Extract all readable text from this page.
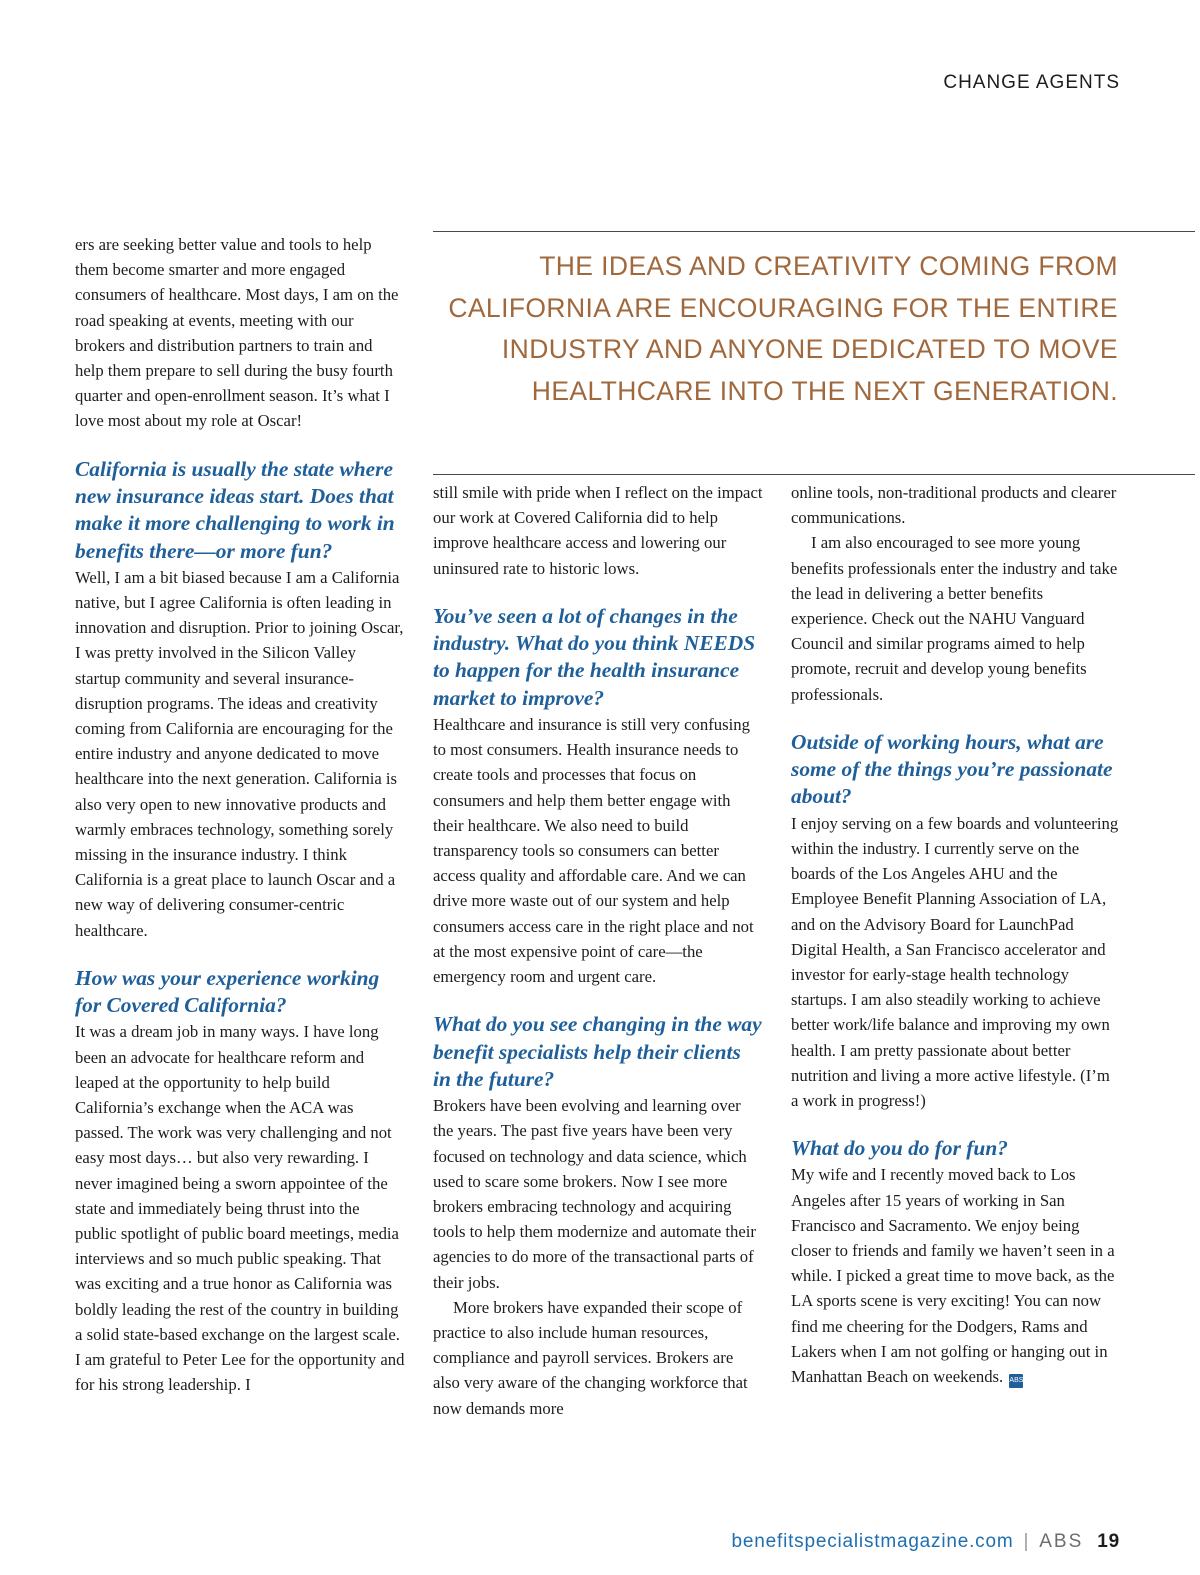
CHANGE AGENTS

ers are seeking better value and tools to help them become smarter and more engaged consumers of healthcare. Most days, I am on the road speaking at events, meeting with our brokers and distribution partners to train and help them prepare to sell during the busy fourth quarter and open-enrollment season. It’s what I love most about my role at Oscar!

California is usually the state where new insurance ideas start. Does that make it more challenging to work in benefits there—or more fun?

Well, I am a bit biased because I am a California native, but I agree California is often leading in innovation and disruption. Prior to joining Oscar, I was pretty involved in the Silicon Valley startup community and several insurance-disruption programs. The ideas and creativity coming from California are encouraging for the entire industry and anyone dedicated to move healthcare into the next generation. California is also very open to new innovative products and warmly embraces technology, something sorely missing in the insurance industry. I think California is a great place to launch Oscar and a new way of delivering consumer-centric healthcare.

How was your experience working for Covered California?

It was a dream job in many ways. I have long been an advocate for healthcare reform and leaped at the opportunity to help build California’s exchange when the ACA was passed. The work was very challenging and not easy most days… but also very rewarding. I never imagined being a sworn appointee of the state and immediately being thrust into the public spotlight of public board meetings, media interviews and so much public speaking. That was exciting and a true honor as California was boldly leading the rest of the country in building a solid state-based exchange on the largest scale. I am grateful to Peter Lee for the opportunity and for his strong leadership. I

THE IDEAS AND CREATIVITY COMING FROM CALIFORNIA ARE ENCOURAGING FOR THE ENTIRE INDUSTRY AND ANYONE DEDICATED TO MOVE HEALTHCARE INTO THE NEXT GENERATION.

still smile with pride when I reflect on the impact our work at Covered California did to help improve healthcare access and lowering our uninsured rate to historic lows.

You’ve seen a lot of changes in the industry. What do you think NEEDS to happen for the health insurance market to improve?

Healthcare and insurance is still very confusing to most consumers. Health insurance needs to create tools and processes that focus on consumers and help them better engage with their healthcare. We also need to build transparency tools so consumers can better access quality and affordable care. And we can drive more waste out of our system and help consumers access care in the right place and not at the most expensive point of care—the emergency room and urgent care.

What do you see changing in the way benefit specialists help their clients in the future?

Brokers have been evolving and learning over the years. The past five years have been very focused on technology and data science, which used to scare some brokers. Now I see more brokers embracing technology and acquiring tools to help them modernize and automate their agencies to do more of the transactional parts of their jobs.

More brokers have expanded their scope of practice to also include human resources, compliance and payroll services. Brokers are also very aware of the changing workforce that now demands more

online tools, non-traditional products and clearer communications.

I am also encouraged to see more young benefits professionals enter the industry and take the lead in delivering a better benefits experience. Check out the NAHU Vanguard Council and similar programs aimed to help promote, recruit and develop young benefits professionals.

Outside of working hours, what are some of the things you’re passionate about?

I enjoy serving on a few boards and volunteering within the industry. I currently serve on the boards of the Los Angeles AHU and the Employee Benefit Planning Association of LA, and on the Advisory Board for LaunchPad Digital Health, a San Francisco accelerator and investor for early-stage health technology startups. I am also steadily working to achieve better work/life balance and improving my own health. I am pretty passionate about better nutrition and living a more active lifestyle. (I’m a work in progress!)

What do you do for fun?

My wife and I recently moved back to Los Angeles after 15 years of working in San Francisco and Sacramento. We enjoy being closer to friends and family we haven’t seen in a while. I picked a great time to move back, as the LA sports scene is very exciting! You can now find me cheering for the Dodgers, Rams and Lakers when I am not golfing or hanging out in Manhattan Beach on weekends. ABS

benefitspecialistmagazine.com | ABS 19
